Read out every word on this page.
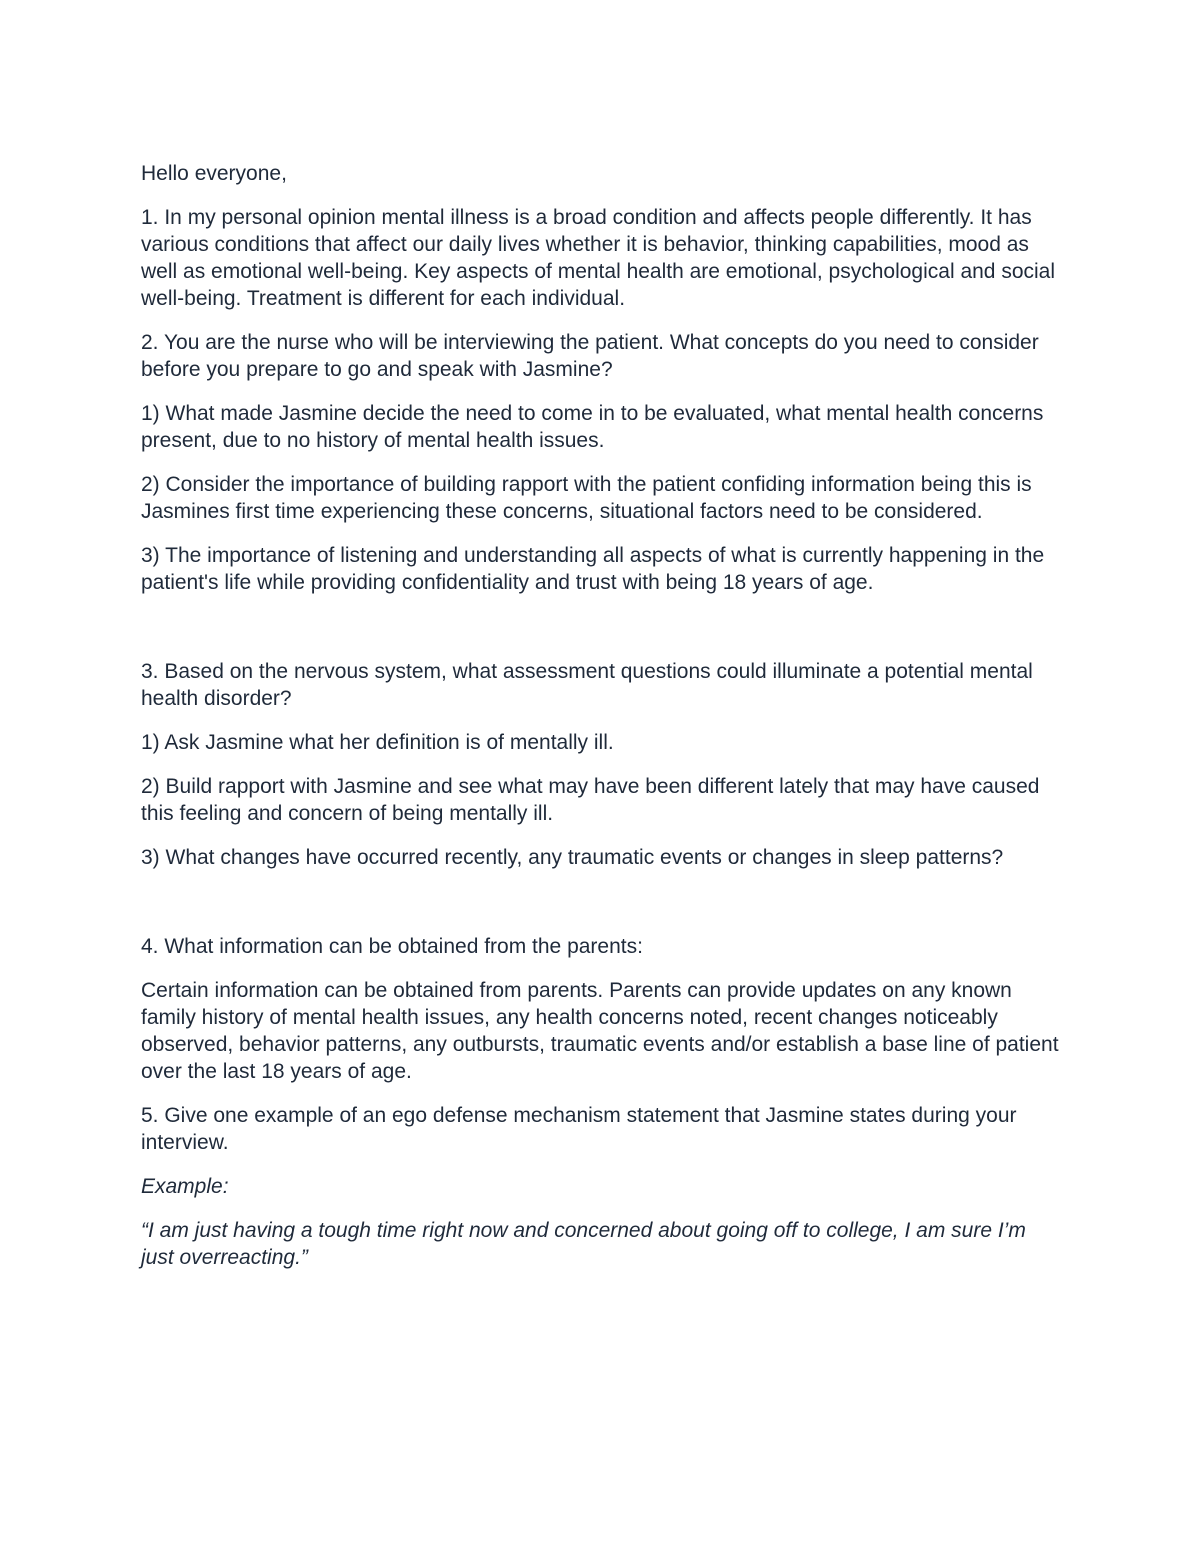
Hello everyone,

1. In my personal opinion mental illness is a broad condition and affects people differently. It has various conditions that affect our daily lives whether it is behavior, thinking capabilities, mood as well as emotional well-being. Key aspects of mental health are emotional, psychological and social well-being. Treatment is different for each individual.

2. You are the nurse who will be interviewing the patient. What concepts do you need to consider before you prepare to go and speak with Jasmine?

1) What made Jasmine decide the need to come in to be evaluated, what mental health concerns present, due to no history of mental health issues.

2) Consider the importance of building rapport with the patient confiding information being this is Jasmines first time experiencing these concerns, situational factors need to be considered.

3) The importance of listening and understanding all aspects of what is currently happening in the patient's life while providing confidentiality and trust with being 18 years of age.

3. Based on the nervous system, what assessment questions could illuminate a potential mental health disorder?

1) Ask Jasmine what her definition is of mentally ill.

2) Build rapport with Jasmine and see what may have been different lately that may have caused this feeling and concern of being mentally ill.

3) What changes have occurred recently, any traumatic events or changes in sleep patterns?

4. What information can be obtained from the parents:

Certain information can be obtained from parents. Parents can provide updates on any known family history of mental health issues, any health concerns noted, recent changes noticeably observed, behavior patterns, any outbursts, traumatic events and/or establish a base line of patient over the last 18 years of age.

5. Give one example of an ego defense mechanism statement that Jasmine states during your interview.

Example:

“I am just having a tough time right now and concerned about going off to college, I am sure I’m just overreacting.”
